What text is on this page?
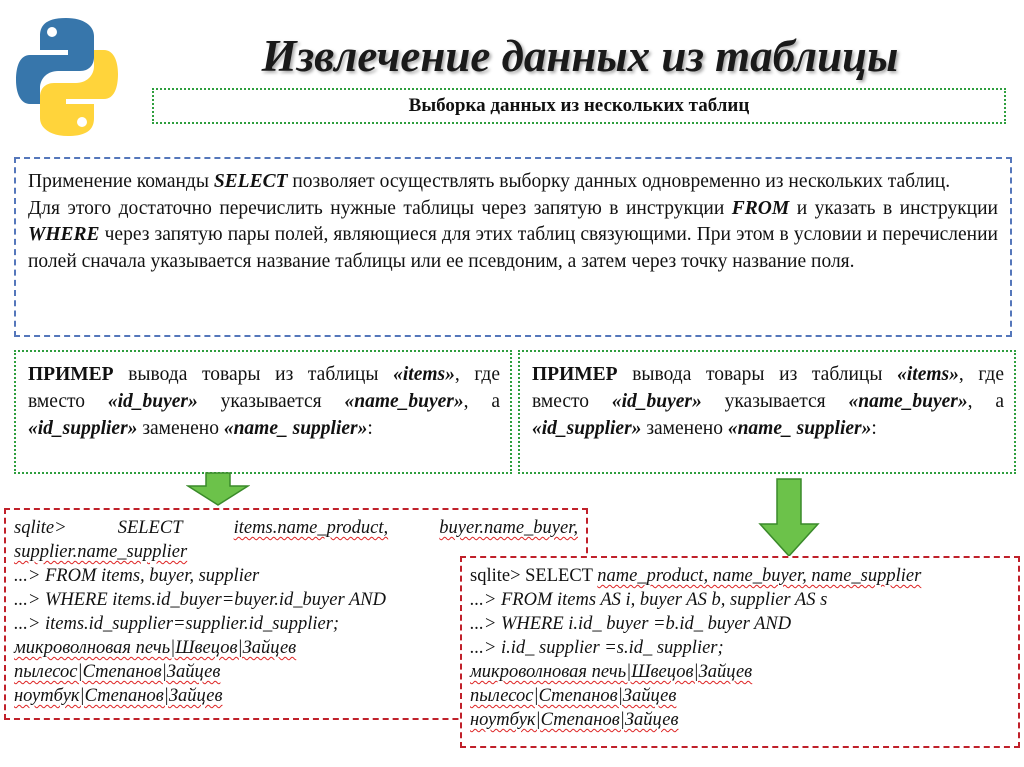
Извлечение данных из таблицы
Выборка данных из нескольких таблиц

Применение команды SELECT позволяет осуществлять выборку данных одновременно из нескольких таблиц.

Для этого достаточно перечислить нужные таблицы через запятую в инструкции FROM и указать в инструкции WHERE через запятую пары полей, являющиеся для этих таблиц связующими. При этом в условии и перечислении полей сначала указывается название таблицы или ее псевдоним, а затем через точку название поля.

ПРИМЕР вывода товары из таблицы «items», где вместо «id_buyer» указывается «name_buyer», а «id_supplier» заменено «name_ supplier»:

ПРИМЕР вывода товары из таблицы «items», где вместо «id_buyer» указывается «name_buyer», а «id_supplier» заменено «name_ supplier»:

sqlite>	SELECT	items.name_product,	buyer.name_buyer,
supplier.name_supplier
...> FROM items, buyer, supplier
...> WHERE items.id_buyer=buyer.id_buyer AND
...> items.id_supplier=supplier.id_supplier;
микроволновая печь|Швецов|Зайцев
пылесос|Степанов|Зайцев
ноутбук|Степанов|Зайцев
sqlite> SELECT name_product, name_buyer, name_supplier
...> FROM items AS i, buyer AS b, supplier AS s
...> WHERE i.id_ buyer =b.id_ buyer AND
...> i.id_ supplier =s.id_ supplier;
микроволновая печь|Швецов|Зайцев
пылесос|Степанов|Зайцев
ноутбук|Степанов|Зайцев
